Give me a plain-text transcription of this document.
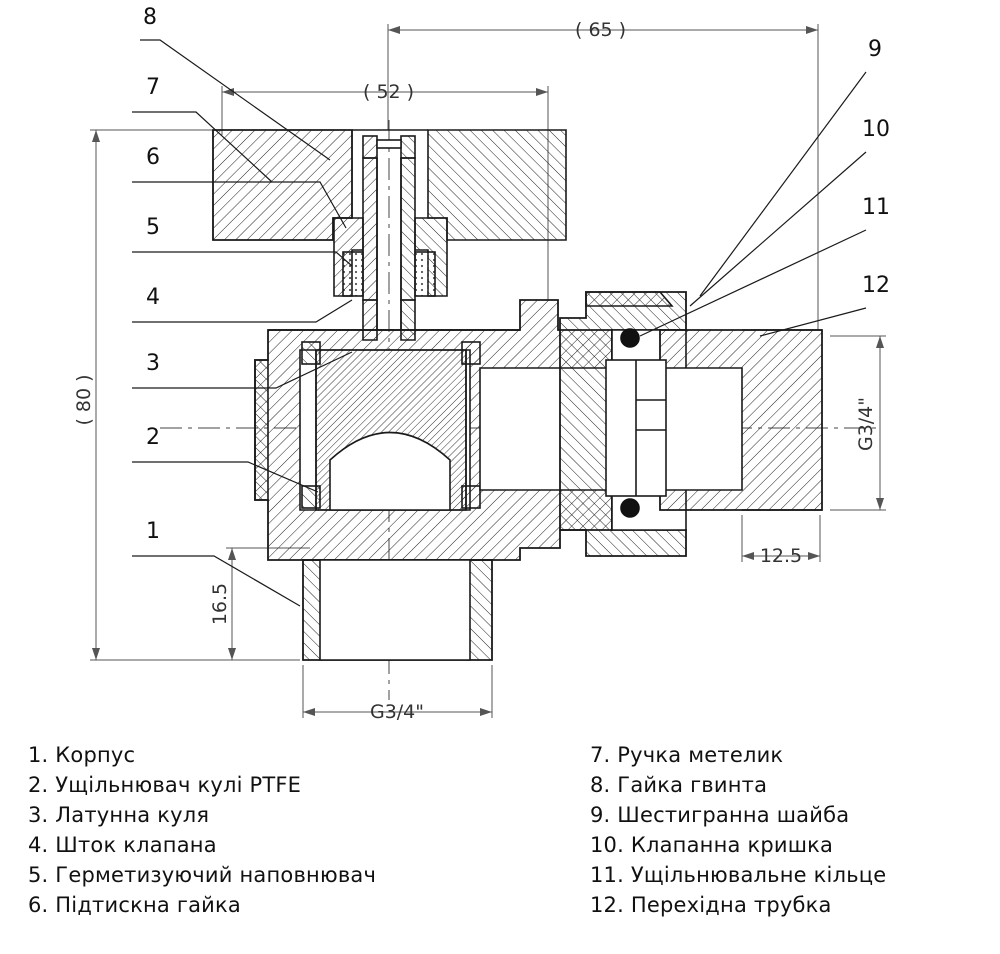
( 65 )
( 52 )
( 80 )
16.5
G3/4"
G3/4"
12.5
1
2
3
4
5
6
7
8
9
10
11
12
1. Корпус
2. Ущільнювач кулі PTFE
3. Латунна куля
4. Шток клапана
5. Герметизуючий наповнювач
6. Підтискна гайка
7. Ручка метелик
8. Гайка гвинта
9. Шестигранна шайба
10. Клапанна кришка
11. Ущільнювальне кільце
12. Перехідна трубка
